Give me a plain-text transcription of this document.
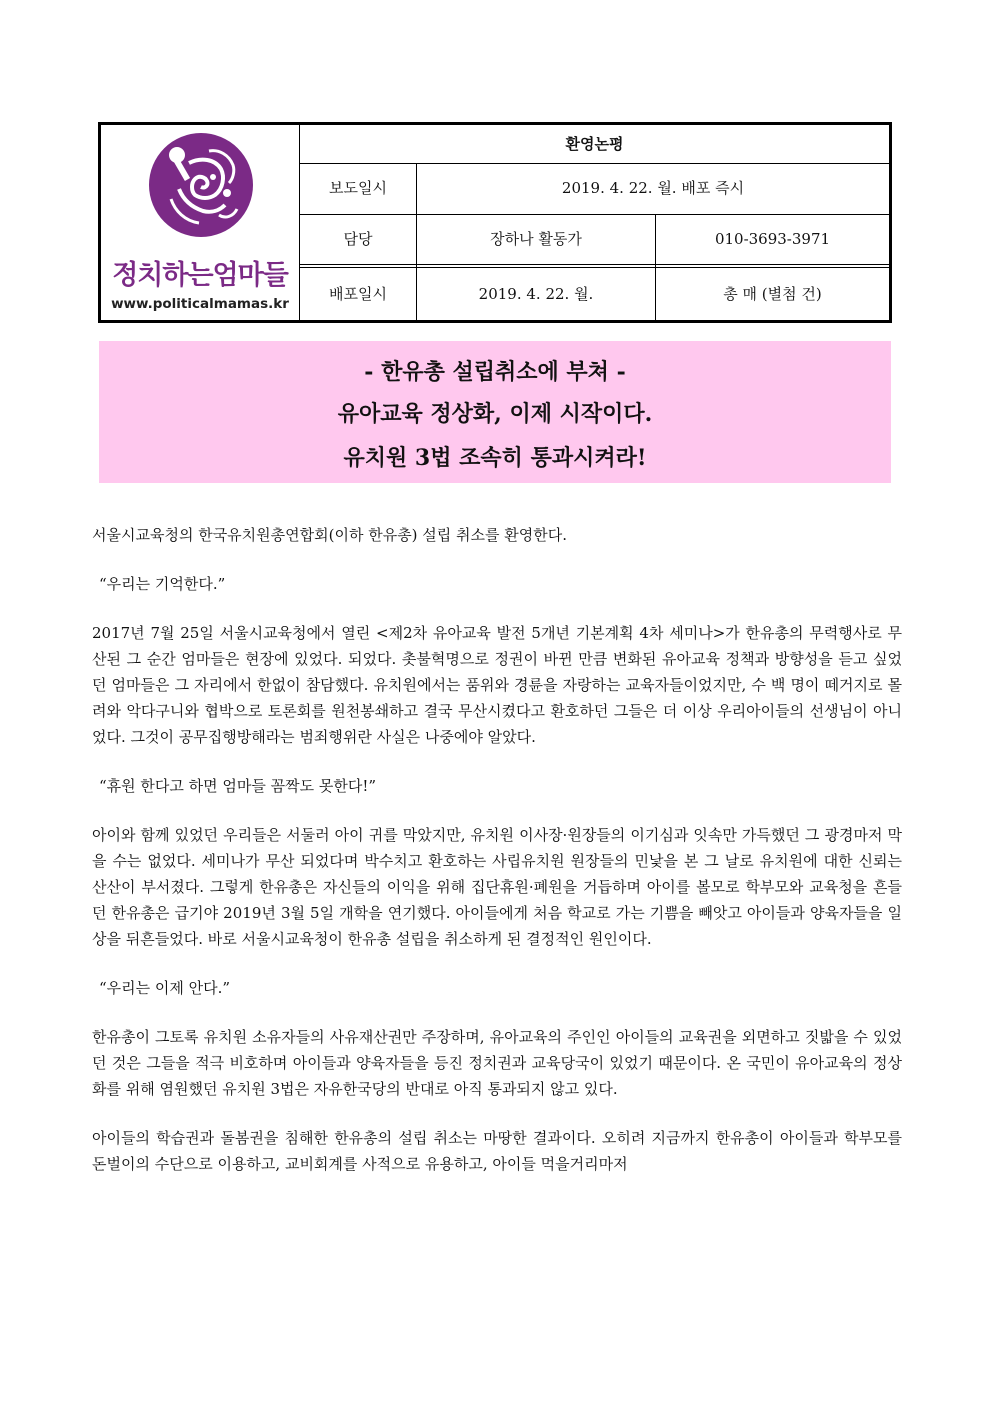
정치하는엄마들
www.politicalmamas.kr	환영논평		
	보도일시	2019. 4. 22. 월. 배포 즉시	
	담당	장하나 활동가	010-3693-3971

	배포일시	2019. 4. 22. 월.	총 매 (별첨 건)
- 한유총 설립취소에 부쳐 -
유아교육 정상화, 이제 시작이다.
유치원 3법 조속히 통과시켜라!

서울시교육청의 한국유치원총연합회(이하 한유총) 설립 취소를 환영한다.

“우리는 기억한다.”

2017년 7월 25일 서울시교육청에서 열린 <제2차 유아교육 발전 5개년 기본계획 4차 세미나>가 한유총의 무력행사로 무산된 그 순간 엄마들은 현장에 있었다. 되었다. 촛불혁명으로 정권이 바뀐 만큼 변화된 유아교육 정책과 방향성을 듣고 싶었던 엄마들은 그 자리에서 한없이 참담했다. 유치원에서는 품위와 경륜을 자랑하는 교육자들이었지만, 수 백 명이 떼거지로 몰려와 악다구니와 협박으로 토론회를 원천봉쇄하고 결국 무산시켰다고 환호하던 그들은 더 이상 우리아이들의 선생님이 아니었다. 그것이 공무집행방해라는 범죄행위란 사실은 나중에야 알았다.

“휴원 한다고 하면 엄마들 꼼짝도 못한다!”

아이와 함께 있었던 우리들은 서둘러 아이 귀를 막았지만, 유치원 이사장·원장들의 이기심과 잇속만 가득했던 그 광경마저 막을 수는 없었다. 세미나가 무산 되었다며 박수치고 환호하는 사립유치원 원장들의 민낯을 본 그 날로 유치원에 대한 신뢰는 산산이 부서졌다. 그렇게 한유총은 자신들의 이익을 위해 집단휴원·폐원을 거듭하며 아이를 볼모로 학부모와 교육청을 흔들던 한유총은 급기야 2019년 3월 5일 개학을 연기했다. 아이들에게 처음 학교로 가는 기쁨을 빼앗고 아이들과 양육자들을 일상을 뒤흔들었다. 바로 서울시교육청이 한유총 설립을 취소하게 된 결정적인 원인이다.

“우리는 이제 안다.”

한유총이 그토록 유치원 소유자들의 사유재산권만 주장하며, 유아교육의 주인인 아이들의 교육권을 외면하고 짓밟을 수 있었던 것은 그들을 적극 비호하며 아이들과 양육자들을 등진 정치권과 교육당국이 있었기 때문이다. 온 국민이 유아교육의 정상화를 위해 염원했던 유치원 3법은 자유한국당의 반대로 아직 통과되지 않고 있다.

아이들의 학습권과 돌봄권을 침해한 한유총의 설립 취소는 마땅한 결과이다. 오히려 지금까지 한유총이 아이들과 학부모를 돈벌이의 수단으로 이용하고, 교비회계를 사적으로 유용하고, 아이들 먹을거리마저
